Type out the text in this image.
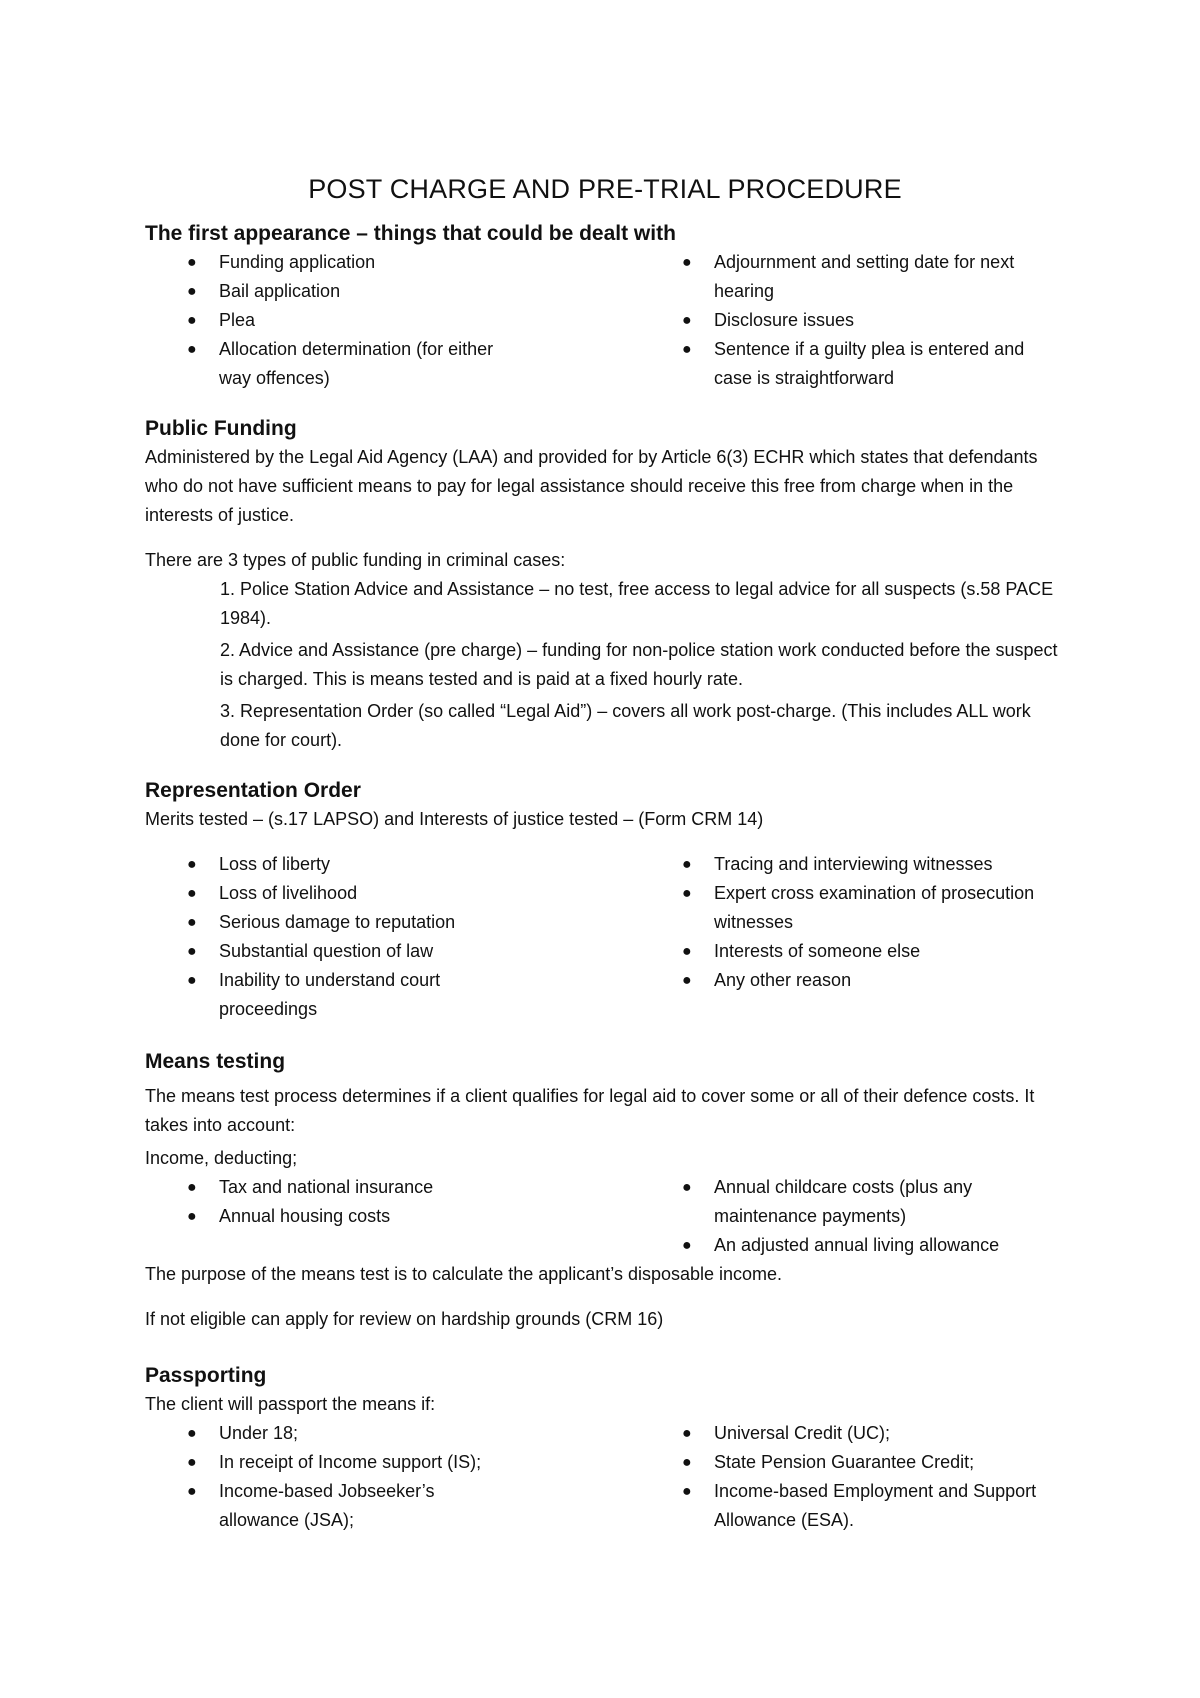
POST CHARGE AND PRE-TRIAL PROCEDURE
The first appearance – things that could be dealt with
● Funding application
● Bail application
● Plea
● Allocation determination (for either way offences)
● Adjournment and setting date for next hearing
● Disclosure issues
● Sentence if a guilty plea is entered and case is straightforward
Public Funding

Administered by the Legal Aid Agency (LAA) and provided for by Article 6(3) ECHR which states that defendants who do not have sufficient means to pay for legal assistance should receive this free from charge when in the interests of justice.

There are 3 types of public funding in criminal cases:

1. Police Station Advice and Assistance – no test, free access to legal advice for all suspects (s.58 PACE 1984).

2. Advice and Assistance (pre charge) – funding for non-police station work conducted before the suspect is charged. This is means tested and is paid at a fixed hourly rate.

3. Representation Order (so called “Legal Aid”) – covers all work post-charge. (This includes ALL work done for court).

Representation Order

Merits tested – (s.17 LAPSO) and Interests of justice tested – (Form CRM 14)

● Loss of liberty
● Loss of livelihood
● Serious damage to reputation
● Substantial question of law
● Inability to understand court proceedings
● Tracing and interviewing witnesses
● Expert cross examination of prosecution witnesses
● Interests of someone else
● Any other reason
Means testing

The means test process determines if a client qualifies for legal aid to cover some or all of their defence costs. It takes into account:

Income, deducting;

● Tax and national insurance
● Annual housing costs
● Annual childcare costs (plus any maintenance payments)
● An adjusted annual living allowance

The purpose of the means test is to calculate the applicant’s disposable income.

If not eligible can apply for review on hardship grounds (CRM 16)

Passporting

The client will passport the means if:

● Under 18;
● In receipt of Income support (IS);
● Income-based Jobseeker’s allowance (JSA);
● Universal Credit (UC);
● State Pension Guarantee Credit;
● Income-based Employment and Support Allowance (ESA).
